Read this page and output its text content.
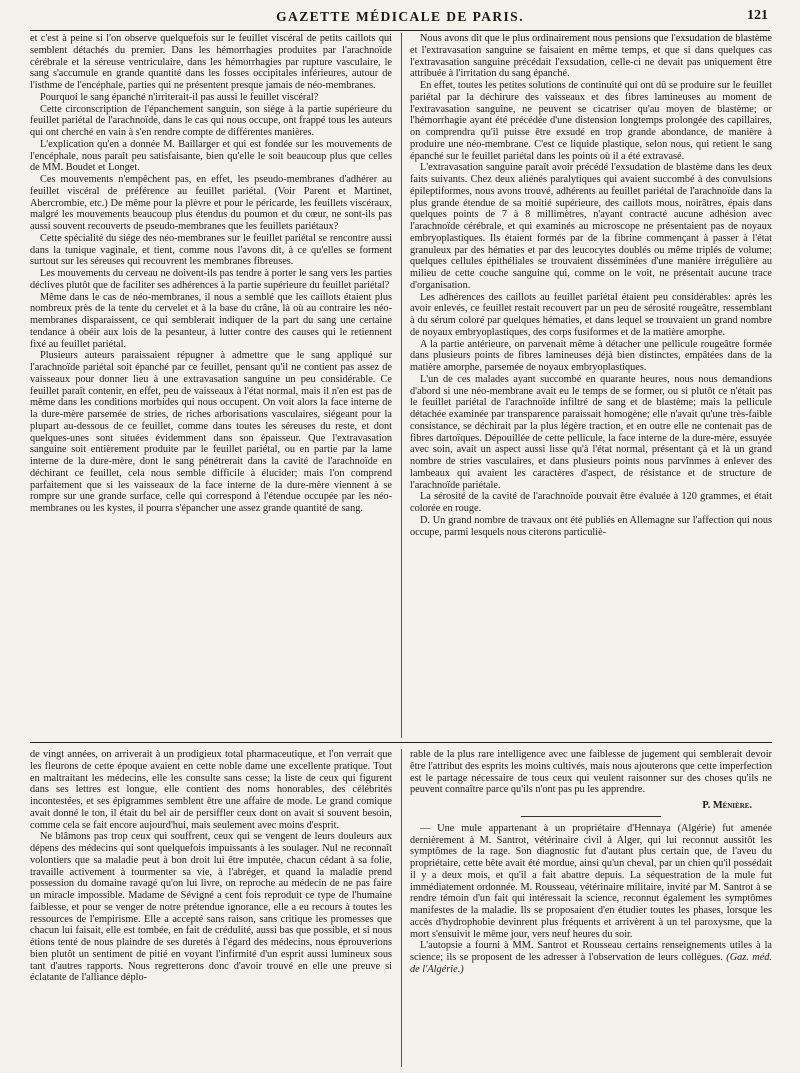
GAZETTE MÉDICALE DE PARIS.	121

et c'est à peine si l'on observe quelquefois sur le feuillet viscéral de petits caillots qui semblent détachés du premier. Dans les hémorrhagies produites par l'arachnoïde cérébrale et la séreuse ventriculaire, dans les hémorrhagies par rupture vasculaire, le sang s'accumule en grande quantité dans les fosses occipitales inférieures, autour de l'isthme de l'encéphale, parties qui ne présentent presque jamais de néo-membranes.

Pourquoi le sang épanché n'irriterait-il pas aussi le feuillet viscéral?

Cette circonscription de l'épanchement sanguin, son siége à la partie supérieure du feuillet pariétal de l'arachnoïde, dans le cas qui nous occupe, ont frappé tous les auteurs qui ont cherché en vain à s'en rendre compte de différentes manières.

L'explication qu'en a donnée M. Baillarger et qui est fondée sur les mouvements de l'encéphale, nous paraît peu satisfaisante, bien qu'elle le soit beaucoup plus que celles de MM. Boudet et Longet.

Ces mouvements n'empêchent pas, en effet, les pseudo-membranes d'adhérer au feuillet viscéral de préférence au feuillet pariétal. (Voir Parent et Martinet, Abercrombie, etc.) De même pour la plèvre et pour le péricarde, les feuillets viscéraux, malgré les mouvements beaucoup plus étendus du poumon et du cœur, ne sont-ils pas aussi souvent recouverts de pseudo-membranes que les feuillets pariétaux?

Cette spécialité du siége des néo-membranes sur le feuillet pariétal se rencontre aussi dans la tunique vaginale, et tient, comme nous l'avons dit, à ce qu'elles se forment surtout sur les séreuses qui recouvrent les membranes fibreuses.

Les mouvements du cerveau ne doivent-ils pas tendre à porter le sang vers les parties déclives plutôt que de faciliter ses adhérences à la partie supérieure du feuillet pariétal?

Même dans le cas de néo-membranes, il nous a semblé que les caillots étaient plus nombreux près de la tente du cervelet et à la base du crâne, là où au contraire les néo-membranes disparaissent, ce qui semblerait indiquer de la part du sang une certaine tendance à obéir aux lois de la pesanteur, à lutter contre des causes qui le retiennent fixé au feuillet pariétal.

Plusieurs auteurs paraissaient répugner à admettre que le sang appliqué sur l'arachnoïde pariétal soit épanché par ce feuillet, pensant qu'il ne contient pas assez de vaisseaux pour donner lieu à une extravasation sanguine un peu considérable. Ce feuillet paraît contenir, en effet, peu de vaisseaux à l'état normal, mais il n'en est pas de même dans les conditions morbides qui nous occupent. On voit alors la face interne de la dure-mère parsemée de stries, de riches arborisations vasculaires, siégeant pour la plupart au-dessous de ce feuillet, comme dans toutes les séreuses du reste, et dont quelques-unes sont situées évidemment dans son épaisseur. Que l'extravasation sanguine soit entièrement produite par le feuillet pariétal, ou en partie par la lame interne de la dure-mère, dont le sang pénétrerait dans la cavité de l'arachnoïde en déchirant ce feuillet, cela nous semble difficile à élucider; mais l'on comprend parfaitement que si les vaisseaux de la face interne de la dure-mère viennent à se rompre sur une grande surface, celle qui correspond à l'étendue occupée par les néo-membranes ou les kystes, il pourra s'épancher une assez grande quantité de sang.

Nous avons dit que le plus ordinairement nous pensions que l'exsudation de blastème et l'extravasation sanguine se faisaient en même temps, et que si dans quelques cas l'extravasation sanguine précédait l'exsudation, celle-ci ne devait pas uniquement être attribuée à l'irritation du sang épanché.

En effet, toutes les petites solutions de continuité qui ont dû se produire sur le feuillet pariétal par la déchirure des vaisseaux et des fibres lamineuses au moment de l'extravasation sanguine, ne peuvent se cicatriser qu'au moyen de blastème; or l'hémorrhagie ayant été précédée d'une distension longtemps prolongée des capillaires, on comprendra qu'il puisse être exsudé en trop grande abondance, de manière à produire une néo-membrane. C'est ce liquide plastique, selon nous, qui retient le sang épanché sur le feuillet pariétal dans les points où il a été extravasé.

L'extravasation sanguine paraît avoir précédé l'exsudation de blastème dans les deux faits suivants. Chez deux aliénés paralytiques qui avaient succombé à des convulsions épileptiformes, nous avons trouvé, adhérents au feuillet pariétal de l'arachnoïde dans la plus grande étendue de sa moitié supérieure, des caillots mous, noirâtres, épais dans quelques points de 7 à 8 millimètres, n'ayant contracté aucune adhésion avec l'arachnoïde cérébrale, et qui examinés au microscope ne présentaient pas de noyaux embryoplastiques. Ils étaient formés par de la fibrine commençant à passer à l'état granuleux par des hématies et par des leucocytes doublés ou même triplés de volume; quelques cellules épithéliales se trouvaient disséminées d'une manière irrégulière au milieu de cette couche sanguine qui, comme on le voit, ne présentait aucune trace d'organisation.

Les adhérences des caillots au feuillet pariétal étaient peu considérables: après les avoir enlevés, ce feuillet restait recouvert par un peu de sérosité rougeâtre, ressemblant à du sérum coloré par quelques hématies, et dans lequel se trouvaient un grand nombre de noyaux embryoplastiques, des corps fusiformes et de la matière amorphe.

A la partie antérieure, on parvenait même à détacher une pellicule rougeâtre formée dans plusieurs points de fibres lamineuses déjà bien distinctes, empâtées dans de la matière amorphe, parsemée de noyaux embryoplastiques.

L'un de ces malades ayant succombé en quarante heures, nous nous demandions d'abord si une néo-membrane avait eu le temps de se former, ou si plutôt ce n'était pas le feuillet pariétal de l'arachnoïde infiltré de sang et de blastème; mais la pellicule détachée examinée par transparence paraissait homogène; elle n'avait qu'une très-faible consistance, se déchirait par la plus légère traction, et en outre elle ne contenait pas de fibres dartoïques. Dépouillée de cette pellicule, la face interne de la dure-mère, essuyée avec soin, avait un aspect aussi lisse qu'à l'état normal, présentant çà et là un grand nombre de stries vasculaires, et dans plusieurs points nous parvînmes à enlever des lambeaux qui avaient les caractères d'aspect, de résistance et de structure de l'arachnoïde pariétale.

La sérosité de la cavité de l'arachnoïde pouvait être évaluée à 120 grammes, et était colorée en rouge.

D. Un grand nombre de travaux ont été publiés en Allemagne sur l'affection qui nous occupe, parmi lesquels nous citerons particuliè-

de vingt années, on arriverait à un prodigieux total pharmaceutique, et l'on verrait que les fleurons de cette époque avaient en cette noble dame une excellente pratique. Tout en maltraitant les médecins, elle les consulte sans cesse; la liste de ceux qui figurent dans ses lettres est longue, elle contient des noms honorables, des célébrités incontestées, et ses épigrammes semblent être une affaire de mode. Le grand comique avait donné le ton, il était du bel air de persiffler ceux dont on avait si souvent besoin, comme cela se fait encore aujourd'hui, mais seulement avec moins d'esprit.

Ne blâmons pas trop ceux qui souffrent, ceux qui se vengent de leurs douleurs aux dépens des médecins qui sont quelquefois impuissants à les soulager. Nul ne reconnaît volontiers que sa maladie peut à bon droit lui être imputée, chacun cédant à sa folie, travaille activement à tourmenter sa vie, à l'abréger, et quand la maladie prend possession du domaine ravagé qu'on lui livre, on reproche au médecin de ne pas faire un miracle impossible. Madame de Sévigné a cent fois reproduit ce type de l'humaine faiblesse, et pour se venger de notre prétendue ignorance, elle a eu recours à toutes les ressources de l'empirisme. Elle a accepté sans raison, sans critique les promesses que chacun lui faisait, elle est tombée, en fait de crédulité, aussi bas que possible, et si nous étions tenté de nous plaindre de ses duretés à l'égard des médecins, nous éprouverions bien plutôt un sentiment de pitié en voyant l'infirmité d'un esprit aussi lumineux sous tant d'autres rapports. Nous regretterons donc d'avoir trouvé en elle une preuve si éclatante de l'alliance déplo-

rable de la plus rare intelligence avec une faiblesse de jugement qui semblerait devoir être l'attribut des esprits les moins cultivés, mais nous ajouterons que cette imperfection est le partage nécessaire de tous ceux qui veulent raisonner sur des choses qu'ils ne peuvent connaître parce qu'ils n'ont pas pu les apprendre.

P. Ménière.

— Une mule appartenant à un propriétaire d'Hennaya (Algérie) fut amenée dernièrement à M. Santrot, vétérinaire civil à Alger, qui lui reconnut aussitôt les symptômes de la rage. Son diagnostic fut d'autant plus certain que, de l'aveu du propriétaire, cette bête avait été mordue, ainsi qu'un cheval, par un chien qu'il possédait il y a deux mois, et qu'il a fait abattre depuis. La séquestration de la mule fut immédiatement ordonnée. M. Rousseau, vétérinaire militaire, invité par M. Santrot à se rendre témoin d'un fait qui intéressait la science, reconnut également les symptômes manifestes de la maladie. Ils se proposaient d'en étudier toutes les phases, lorsque les accès d'hydrophobie devinrent plus fréquents et arrivèrent à un tel paroxysme, que la mort s'ensuivit le même jour, vers neuf heures du soir.

L'autopsie a fourni à MM. Santrot et Rousseau certains renseignements utiles à la science; ils se proposent de les adresser à l'observation de leurs collègues. (Gaz. méd. de l'Algérie.)
